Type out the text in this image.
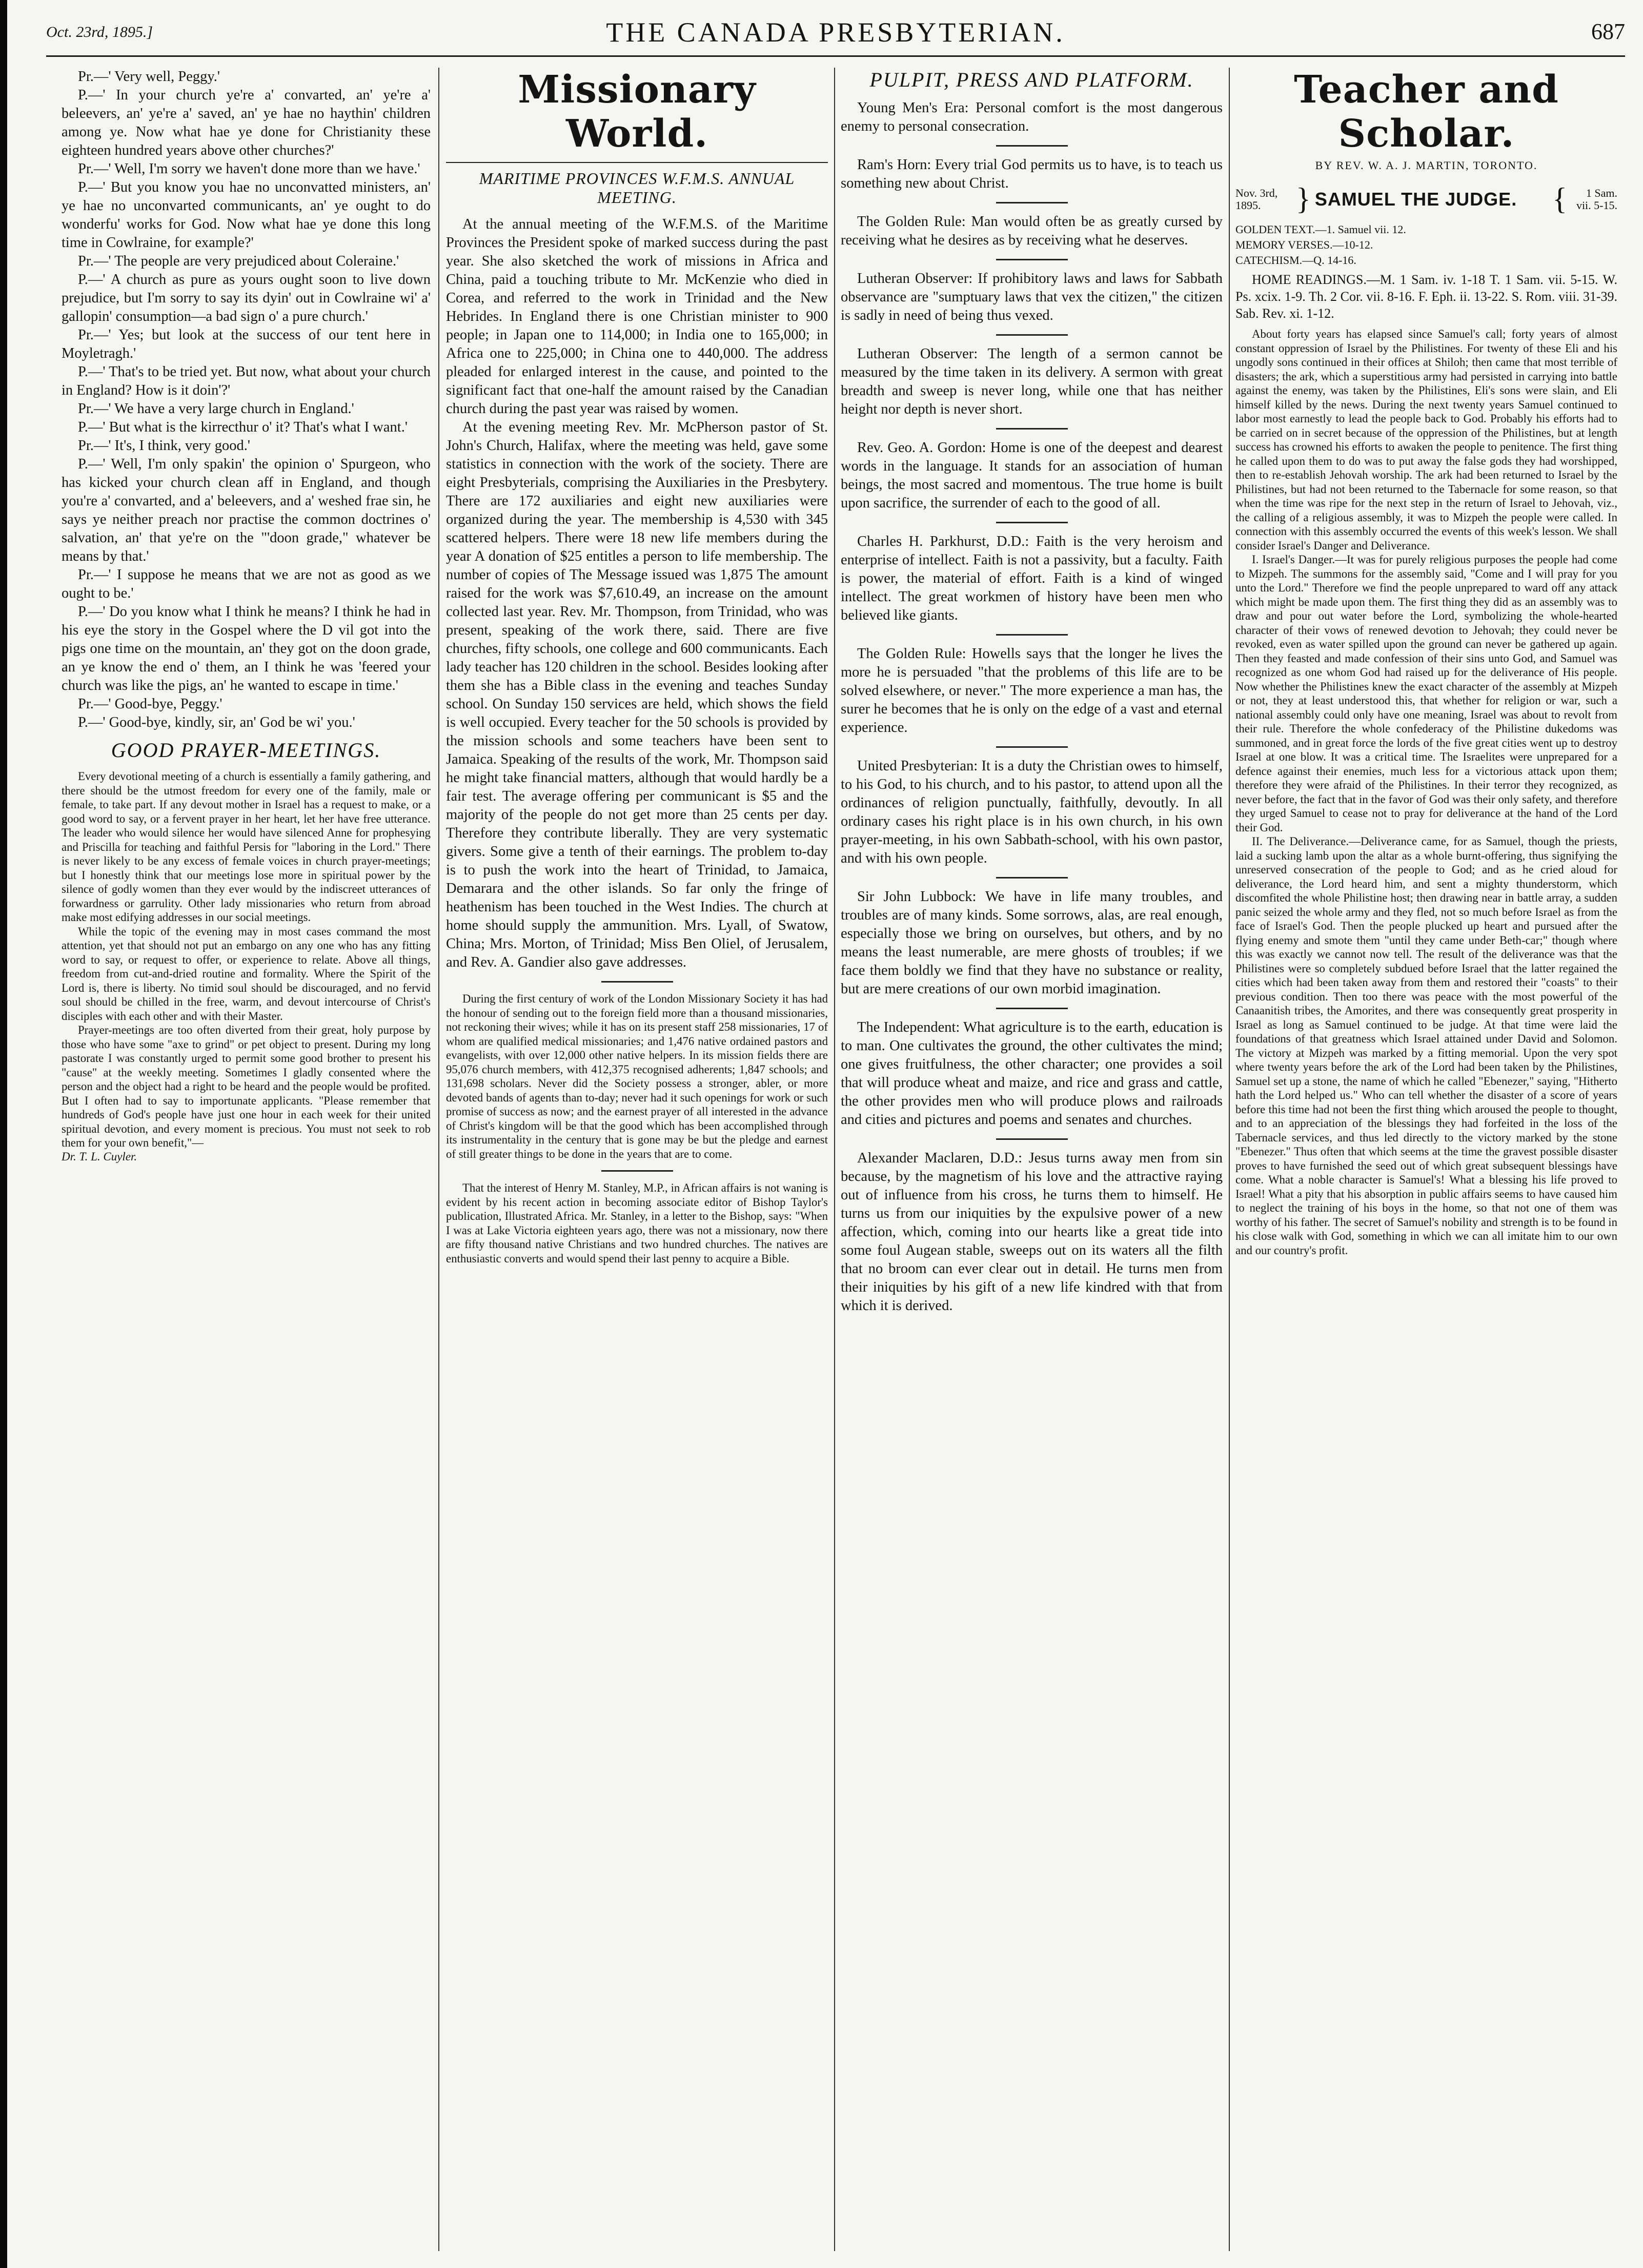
Oct. 23rd, 1895.]	THE CANADA PRESBYTERIAN.	687

Pr.—' Very well, Peggy.'

P.—' In your church ye're a' convarted, an' ye're a' beleevers, an' ye're a' saved, an' ye hae no haythin' children among ye. Now what hae ye done for Christianity these eighteen hundred years above other churches?'

Pr.—' Well, I'm sorry we haven't done more than we have.'

P.—' But you know you hae no unconvatted ministers, an' ye hae no unconvarted communicants, an' ye ought to do wonderfu' works for God. Now what hae ye done this long time in Cowlraine, for example?'

Pr.—' The people are very prejudiced about Coleraine.'

P.—' A church as pure as yours ought soon to live down prejudice, but I'm sorry to say its dyin' out in Cowlraine wi' a' gallopin' consumption—a bad sign o' a pure church.'

Pr.—' Yes; but look at the success of our tent here in Moyletragh.'

P.—' That's to be tried yet. But now, what about your church in England? How is it doin'?'

Pr.—' We have a very large church in England.'

P.—' But what is the kirrecthur o' it? That's what I want.'

Pr.—' It's, I think, very good.'

P.—' Well, I'm only spakin' the opinion o' Spurgeon, who has kicked your church clean aff in England, and though you're a' convarted, and a' beleevers, and a' weshed frae sin, he says ye neither preach nor practise the common doctrines o' salvation, an' that ye're on the "'doon grade," whatever be means by that.'

Pr.—' I suppose he means that we are not as good as we ought to be.'

P.—' Do you know what I think he means? I think he had in his eye the story in the Gospel where the D vil got into the pigs one time on the mountain, an' they got on the doon grade, an ye know the end o' them, an I think he was 'feered your church was like the pigs, an' he wanted to escape in time.'

Pr.—' Good-bye, Peggy.'

P.—' Good-bye, kindly, sir, an' God be wi' you.'

GOOD PRAYER-MEETINGS.

Every devotional meeting of a church is essentially a family gathering, and there should be the utmost freedom for every one of the family, male or female, to take part. If any devout mother in Israel has a request to make, or a good word to say, or a fervent prayer in her heart, let her have free utterance. The leader who would silence her would have silenced Anne for prophesying and Priscilla for teaching and faithful Persis for "laboring in the Lord." There is never likely to be any excess of female voices in church prayer-meetings; but I honestly think that our meetings lose more in spiritual power by the silence of godly women than they ever would by the indiscreet utterances of forwardness or garrulity. Other lady missionaries who return from abroad make most edifying addresses in our social meetings.

While the topic of the evening may in most cases command the most attention, yet that should not put an embargo on any one who has any fitting word to say, or request to offer, or experience to relate. Above all things, freedom from cut-and-dried routine and formality. Where the Spirit of the Lord is, there is liberty. No timid soul should be discouraged, and no fervid soul should be chilled in the free, warm, and devout intercourse of Christ's disciples with each other and with their Master.

Prayer-meetings are too often diverted from their great, holy purpose by those who have some "axe to grind" or pet object to present. During my long pastorate I was constantly urged to permit some good brother to present his "cause" at the weekly meeting. Sometimes I gladly consented where the person and the object had a right to be heard and the people would be profited. But I often had to say to importunate applicants. "Please remember that hundreds of God's people have just one hour in each week for their united spiritual devotion, and every moment is precious. You must not seek to rob them for your own benefit,"—

Dr. T. L. Cuyler.

Missionary World.
MARITIME PROVINCES W.F.M.S. ANNUAL MEETING.

At the annual meeting of the W.F.M.S. of the Maritime Provinces the President spoke of marked success during the past year. She also sketched the work of missions in Africa and China, paid a touching tribute to Mr. McKenzie who died in Corea, and referred to the work in Trinidad and the New Hebrides. In England there is one Christian minister to 900 people; in Japan one to 114,000; in India one to 165,000; in Africa one to 225,000; in China one to 440,000. The address pleaded for enlarged interest in the cause, and pointed to the significant fact that one-half the amount raised by the Canadian church during the past year was raised by women.

At the evening meeting Rev. Mr. McPherson pastor of St. John's Church, Halifax, where the meeting was held, gave some statistics in connection with the work of the society. There are eight Presbyterials, comprising the Auxiliaries in the Presbytery. There are 172 auxiliaries and eight new auxiliaries were organized during the year. The membership is 4,530 with 345 scattered helpers. There were 18 new life members during the year A donation of $25 entitles a person to life membership. The number of copies of The Message issued was 1,875 The amount raised for the work was $7,610.49, an increase on the amount collected last year. Rev. Mr. Thompson, from Trinidad, who was present, speaking of the work there, said. There are five churches, fifty schools, one college and 600 communicants. Each lady teacher has 120 children in the school. Besides looking after them she has a Bible class in the evening and teaches Sunday school. On Sunday 150 services are held, which shows the field is well occupied. Every teacher for the 50 schools is provided by the mission schools and some teachers have been sent to Jamaica. Speaking of the results of the work, Mr. Thompson said he might take financial matters, although that would hardly be a fair test. The average offering per communicant is $5 and the majority of the people do not get more than 25 cents per day. Therefore they contribute liberally. They are very systematic givers. Some give a tenth of their earnings. The problem to-day is to push the work into the heart of Trinidad, to Jamaica, Demarara and the other islands. So far only the fringe of heathenism has been touched in the West Indies. The church at home should supply the ammunition. Mrs. Lyall, of Swatow, China; Mrs. Morton, of Trinidad; Miss Ben Oliel, of Jerusalem, and Rev. A. Gandier also gave addresses.

During the first century of work of the London Missionary Society it has had the honour of sending out to the foreign field more than a thousand missionaries, not reckoning their wives; while it has on its present staff 258 missionaries, 17 of whom are qualified medical missionaries; and 1,476 native ordained pastors and evangelists, with over 12,000 other native helpers. In its mission fields there are 95,076 church members, with 412,375 recognised adherents; 1,847 schools; and 131,698 scholars. Never did the Society possess a stronger, abler, or more devoted bands of agents than to-day; never had it such openings for work or such promise of success as now; and the earnest prayer of all interested in the advance of Christ's kingdom will be that the good which has been accomplished through its instrumentality in the century that is gone may be but the pledge and earnest of still greater things to be done in the years that are to come.

That the interest of Henry M. Stanley, M.P., in African affairs is not waning is evident by his recent action in becoming associate editor of Bishop Taylor's publication, Illustrated Africa. Mr. Stanley, in a letter to the Bishop, says: "When I was at Lake Victoria eighteen years ago, there was not a missionary, now there are fifty thousand native Christians and two hundred churches. The natives are enthusiastic converts and would spend their last penny to acquire a Bible.

PULPIT, PRESS AND PLATFORM.

Young Men's Era: Personal comfort is the most dangerous enemy to personal consecration.

Ram's Horn: Every trial God permits us to have, is to teach us something new about Christ.

The Golden Rule: Man would often be as greatly cursed by receiving what he desires as by receiving what he deserves.

Lutheran Observer: If prohibitory laws and laws for Sabbath observance are "sumptuary laws that vex the citizen," the citizen is sadly in need of being thus vexed.

Lutheran Observer: The length of a sermon cannot be measured by the time taken in its delivery. A sermon with great breadth and sweep is never long, while one that has neither height nor depth is never short.

Rev. Geo. A. Gordon: Home is one of the deepest and dearest words in the language. It stands for an association of human beings, the most sacred and momentous. The true home is built upon sacrifice, the surrender of each to the good of all.

Charles H. Parkhurst, D.D.: Faith is the very heroism and enterprise of intellect. Faith is not a passivity, but a faculty. Faith is power, the material of effort. Faith is a kind of winged intellect. The great workmen of history have been men who believed like giants.

The Golden Rule: Howells says that the longer he lives the more he is persuaded "that the problems of this life are to be solved elsewhere, or never." The more experience a man has, the surer he becomes that he is only on the edge of a vast and eternal experience.

United Presbyterian: It is a duty the Christian owes to himself, to his God, to his church, and to his pastor, to attend upon all the ordinances of religion punctually, faithfully, devoutly. In all ordinary cases his right place is in his own church, in his own prayer-meeting, in his own Sabbath-school, with his own pastor, and with his own people.

Sir John Lubbock: We have in life many troubles, and troubles are of many kinds. Some sorrows, alas, are real enough, especially those we bring on ourselves, but others, and by no means the least numerable, are mere ghosts of troubles; if we face them boldly we find that they have no substance or reality, but are mere creations of our own morbid imagination.

The Independent: What agriculture is to the earth, education is to man. One cultivates the ground, the other cultivates the mind; one gives fruitfulness, the other character; one provides a soil that will produce wheat and maize, and rice and grass and cattle, the other provides men who will produce plows and railroads and cities and pictures and poems and senates and churches.

Alexander Maclaren, D.D.: Jesus turns away men from sin because, by the magnetism of his love and the attractive raying out of influence from his cross, he turns them to himself. He turns us from our iniquities by the expulsive power of a new affection, which, coming into our hearts like a great tide into some foul Augean stable, sweeps out on its waters all the filth that no broom can ever clear out in detail. He turns men from their iniquities by his gift of a new life kindred with that from which it is derived.

Teacher and Scholar.
BY REV. W. A. J. MARTIN, TORONTO.
Nov. 3rd, 1895.	} SAMUEL THE JUDGE.	{	1 Sam. vii. 5-15.
GOLDEN TEXT.—1. Samuel vii. 12.
MEMORY VERSES.—10-12.
CATECHISM.—Q. 14-16.

HOME READINGS.—M. 1 Sam. iv. 1-18 T. 1 Sam. vii. 5-15. W. Ps. xcix. 1-9. Th. 2 Cor. vii. 8-16. F. Eph. ii. 13-22. S. Rom. viii. 31-39. Sab. Rev. xi. 1-12.

About forty years has elapsed since Samuel's call; forty years of almost constant oppression of Israel by the Philistines. For twenty of these Eli and his ungodly sons continued in their offices at Shiloh; then came that most terrible of disasters; the ark, which a superstitious army had persisted in carrying into battle against the enemy, was taken by the Philistines, Eli's sons were slain, and Eli himself killed by the news. During the next twenty years Samuel continued to labor most earnestly to lead the people back to God. Probably his efforts had to be carried on in secret because of the oppression of the Philistines, but at length success has crowned his efforts to awaken the people to penitence. The first thing he called upon them to do was to put away the false gods they had worshipped, then to re-establish Jehovah worship. The ark had been returned to Israel by the Philistines, but had not been returned to the Tabernacle for some reason, so that when the time was ripe for the next step in the return of Israel to Jehovah, viz., the calling of a religious assembly, it was to Mizpeh the people were called. In connection with this assembly occurred the events of this week's lesson. We shall consider Israel's Danger and Deliverance.

I. Israel's Danger.—It was for purely religious purposes the people had come to Mizpeh. The summons for the assembly said, "Come and I will pray for you unto the Lord." Therefore we find the people unprepared to ward off any attack which might be made upon them. The first thing they did as an assembly was to draw and pour out water before the Lord, symbolizing the whole-hearted character of their vows of renewed devotion to Jehovah; they could never be revoked, even as water spilled upon the ground can never be gathered up again. Then they feasted and made confession of their sins unto God, and Samuel was recognized as one whom God had raised up for the deliverance of His people. Now whether the Philistines knew the exact character of the assembly at Mizpeh or not, they at least understood this, that whether for religion or war, such a national assembly could only have one meaning, Israel was about to revolt from their rule. Therefore the whole confederacy of the Philistine dukedoms was summoned, and in great force the lords of the five great cities went up to destroy Israel at one blow. It was a critical time. The Israelites were unprepared for a defence against their enemies, much less for a victorious attack upon them; therefore they were afraid of the Philistines. In their terror they recognized, as never before, the fact that in the favor of God was their only safety, and therefore they urged Samuel to cease not to pray for deliverance at the hand of the Lord their God.

II. The Deliverance.—Deliverance came, for as Samuel, though the priests, laid a sucking lamb upon the altar as a whole burnt-offering, thus signifying the unreserved consecration of the people to God; and as he cried aloud for deliverance, the Lord heard him, and sent a mighty thunderstorm, which discomfited the whole Philistine host; then drawing near in battle array, a sudden panic seized the whole army and they fled, not so much before Israel as from the face of Israel's God. Then the people plucked up heart and pursued after the flying enemy and smote them "until they came under Beth-car;" though where this was exactly we cannot now tell. The result of the deliverance was that the Philistines were so completely subdued before Israel that the latter regained the cities which had been taken away from them and restored their "coasts" to their previous condition. Then too there was peace with the most powerful of the Canaanitish tribes, the Amorites, and there was consequently great prosperity in Israel as long as Samuel continued to be judge. At that time were laid the foundations of that greatness which Israel attained under David and Solomon. The victory at Mizpeh was marked by a fitting memorial. Upon the very spot where twenty years before the ark of the Lord had been taken by the Philistines, Samuel set up a stone, the name of which he called "Ebenezer," saying, "Hitherto hath the Lord helped us." Who can tell whether the disaster of a score of years before this time had not been the first thing which aroused the people to thought, and to an appreciation of the blessings they had forfeited in the loss of the Tabernacle services, and thus led directly to the victory marked by the stone "Ebenezer." Thus often that which seems at the time the gravest possible disaster proves to have furnished the seed out of which great subsequent blessings have come. What a noble character is Samuel's! What a blessing his life proved to Israel! What a pity that his absorption in public affairs seems to have caused him to neglect the training of his boys in the home, so that not one of them was worthy of his father. The secret of Samuel's nobility and strength is to be found in his close walk with God, something in which we can all imitate him to our own and our country's profit.
